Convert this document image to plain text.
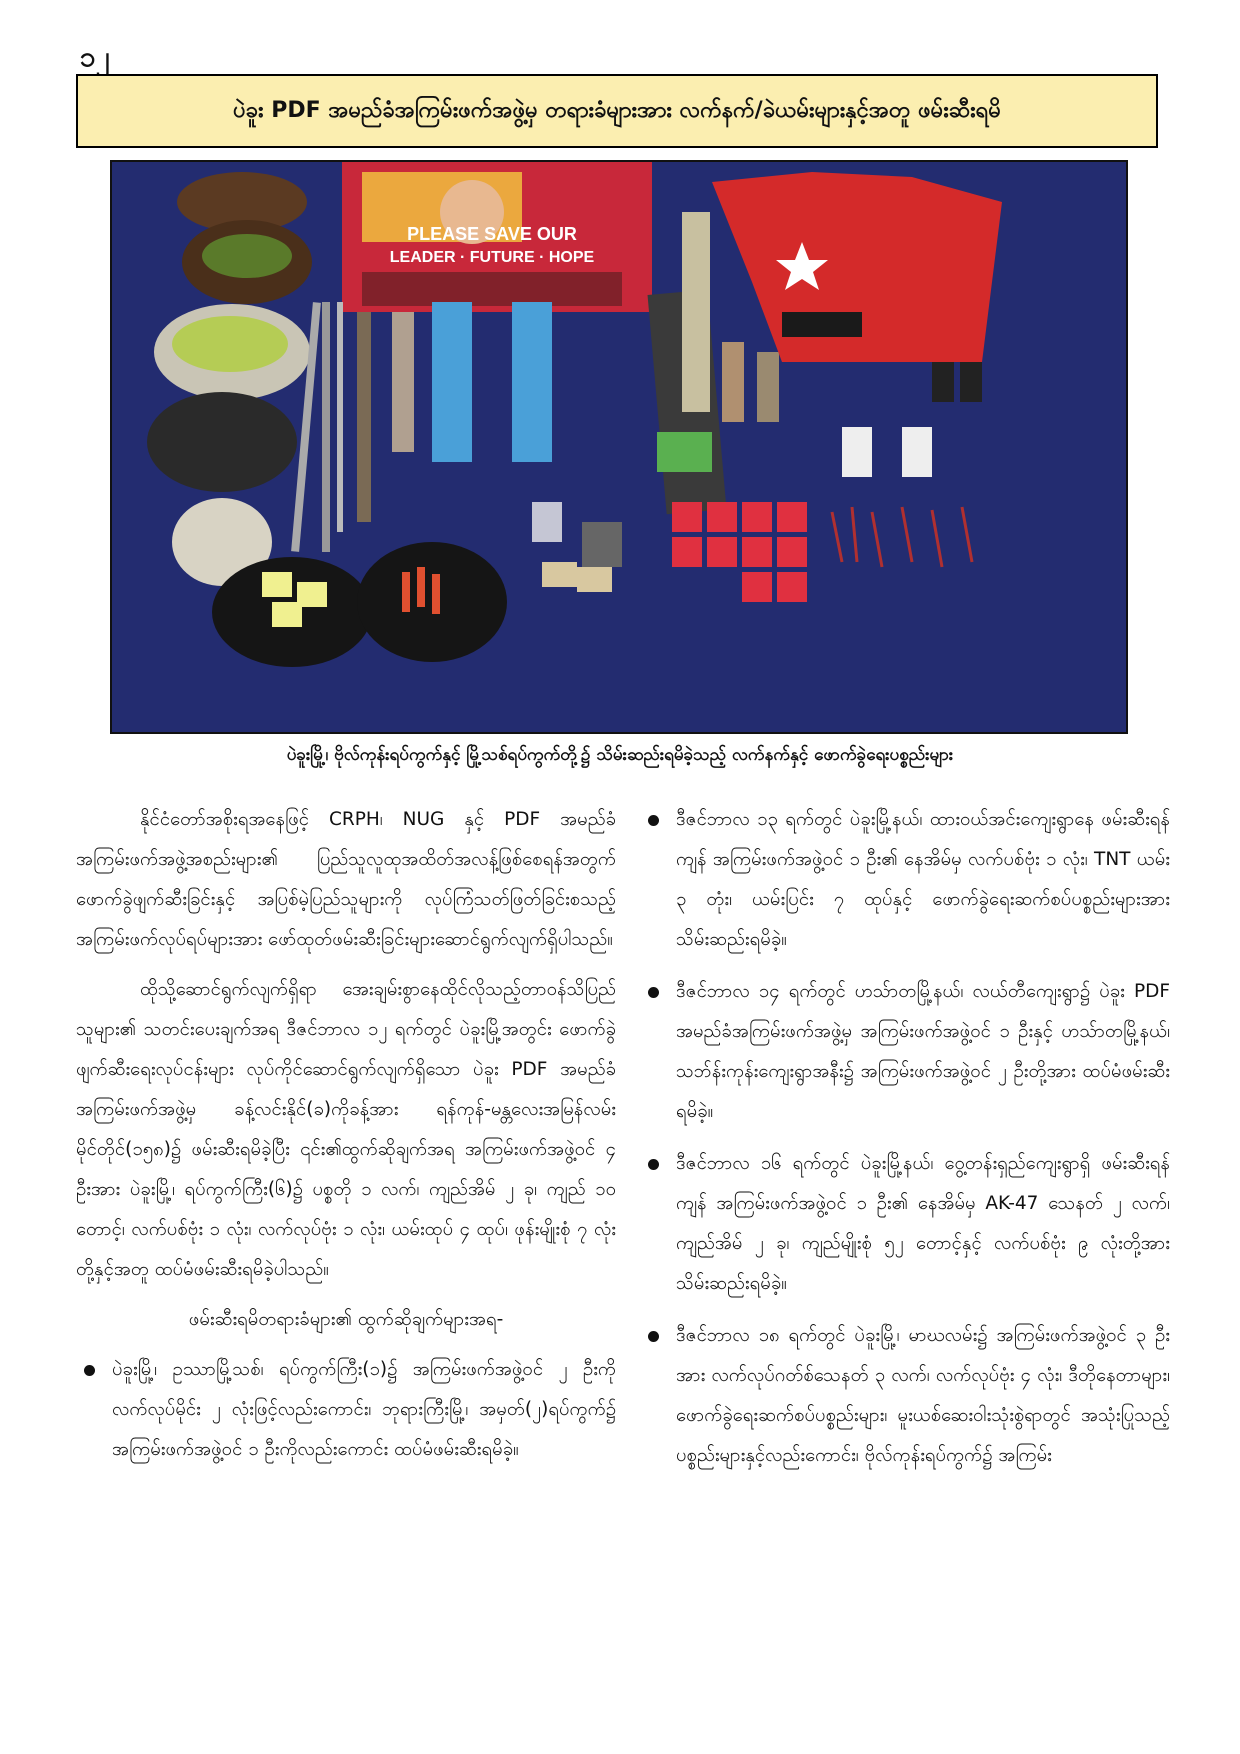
၁၂
ပဲခူး PDF အမည်ခံအကြမ်းဖက်အဖွဲ့မှ တရားခံများအား လက်နက်/ခဲယမ်းများနှင့်အတူ ဖမ်းဆီးရမိ
PLEASE SAVE OUR
LEADER · FUTURE · HOPE
ပဲခူးမြို့၊ ဗိုလ်ကုန်းရပ်ကွက်နှင့် မြို့သစ်ရပ်ကွက်တို့၌ သိမ်းဆည်းရမိခဲ့သည့် လက်နက်နှင့် ဖောက်ခွဲရေးပစ္စည်းများ

နိုင်ငံတော်အစိုးရအနေဖြင့် CRPH၊ NUG နှင့် PDF အမည်ခံ အကြမ်းဖက်အဖွဲ့အစည်းများ၏ ပြည်သူလူထုအထိတ်အလန့်ဖြစ်စေရန်အတွက် ဖောက်ခွဲဖျက်ဆီးခြင်းနှင့် အပြစ်မဲ့ပြည်သူများကို လုပ်ကြံသတ်ဖြတ်ခြင်းစသည့် အကြမ်းဖက်လုပ်ရပ်များအား ဖော်ထုတ်ဖမ်းဆီးခြင်းများဆောင်ရွက်လျက်ရှိပါသည်။

ထိုသို့ဆောင်ရွက်လျက်ရှိရာ အေးချမ်းစွာနေထိုင်လိုသည့်တာဝန်သိပြည်သူများ၏ သတင်းပေးချက်အရ ဒီဇင်ဘာလ ၁၂ ရက်တွင် ပဲခူးမြို့အတွင်း ဖောက်ခွဲဖျက်ဆီးရေးလုပ်ငန်းများ လုပ်ကိုင်ဆောင်ရွက်လျက်ရှိသော ပဲခူး PDF အမည်ခံအကြမ်းဖက်အဖွဲ့မှ ခန့်လင်းနိုင်(ခ)ကိုခန့်အား ရန်ကုန်-မန္တလေးအမြန်လမ်း မိုင်တိုင်(၁၅၈)၌ ဖမ်းဆီးရမိခဲ့ပြီး ၎င်း၏ထွက်ဆိုချက်အရ အကြမ်းဖက်အဖွဲ့ဝင် ၄ ဦးအား ပဲခူးမြို့၊ ရပ်ကွက်ကြီး(၆)၌ ပစ္စတို ၁ လက်၊ ကျည်အိမ် ၂ ခု၊ ကျည် ၁၀ တောင့်၊ လက်ပစ်ဗုံး ၁ လုံး၊ လက်လုပ်ဗုံး ၁ လုံး၊ ယမ်းထုပ် ၄ ထုပ်၊ ဖုန်းမျိုးစုံ ၇ လုံးတို့နှင့်အတူ ထပ်မံဖမ်းဆီးရမိခဲ့ပါသည်။

ဖမ်းဆီးရမိတရားခံများ၏ ထွက်ဆိုချက်များအရ-

ပဲခူးမြို့၊ ဥဿာမြို့သစ်၊ ရပ်ကွက်ကြီး(၁)၌ အကြမ်းဖက်အဖွဲ့ဝင် ၂ ဦးကို လက်လုပ်မိုင်း ၂ လုံးဖြင့်လည်းကောင်း၊ ဘုရားကြီးမြို့၊ အမှတ်(၂)ရပ်ကွက်၌ အကြမ်းဖက်အဖွဲ့ဝင် ၁ ဦးကိုလည်းကောင်း ထပ်မံဖမ်းဆီးရမိခဲ့။
ဒီဇင်ဘာလ ၁၃ ရက်တွင် ပဲခူးမြို့နယ်၊ ထားဝယ်အင်းကျေးရွာနေ ဖမ်းဆီးရန်ကျန် အကြမ်းဖက်အဖွဲ့ဝင် ၁ ဦး၏ နေအိမ်မှ လက်ပစ်ဗုံး ၁ လုံး၊ TNT ယမ်း ၃ တုံး၊ ယမ်းပြင်း ၇ ထုပ်နှင့် ဖောက်ခွဲရေးဆက်စပ်ပစ္စည်းများအား သိမ်းဆည်းရမိခဲ့။
ဒီဇင်ဘာလ ၁၄ ရက်တွင် ဟသ်ာတမြို့နယ်၊ လယ်တီကျေးရွာ၌ ပဲခူး PDF အမည်ခံအကြမ်းဖက်အဖွဲ့မှ အကြမ်းဖက်အဖွဲ့ဝင် ၁ ဦးနှင့် ဟသ်ာတမြို့နယ်၊ သဘ်န်းကုန်းကျေးရွာအနီး၌ အကြမ်းဖက်အဖွဲ့ဝင် ၂ ဦးတို့အား ထပ်မံဖမ်းဆီးရမိခဲ့။
ဒီဇင်ဘာလ ၁၆ ရက်တွင် ပဲခူးမြို့နယ်၊ ဝွေ့တန်းရှည်ကျေးရွာရှိ ဖမ်းဆီးရန်ကျန် အကြမ်းဖက်အဖွဲ့ဝင် ၁ ဦး၏ နေအိမ်မှ AK-47 သေနတ် ၂ လက်၊ ကျည်အိမ် ၂ ခု၊ ကျည်မျိုးစုံ ၅၂ တောင့်နှင့် လက်ပစ်ဗုံး ၉ လုံးတို့အား သိမ်းဆည်းရမိခဲ့။
ဒီဇင်ဘာလ ၁၈ ရက်တွင် ပဲခူးမြို့၊ မာဃလမ်း၌ အကြမ်းဖက်အဖွဲ့ဝင် ၃ ဦးအား လက်လုပ်ဂတ်စ်သေနတ် ၃ လက်၊ လက်လုပ်ဗုံး ၄ လုံး၊ ဒီတိုနေတာများ၊ ဖောက်ခွဲရေးဆက်စပ်ပစ္စည်းများ၊ မူးယစ်ဆေးဝါးသုံးစွဲရာတွင် အသုံးပြုသည့် ပစ္စည်းများနှင့်လည်းကောင်း၊ ဗိုလ်ကုန်းရပ်ကွက်၌ အကြမ်း
